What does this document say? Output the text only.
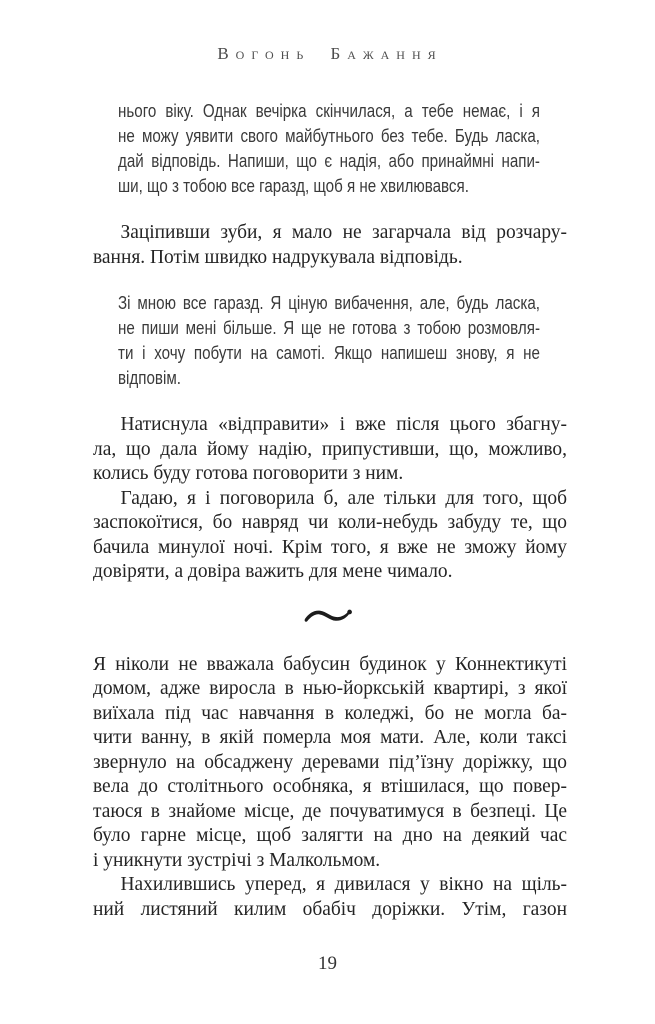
Вогонь Бажання
нього віку. Однак вечірка скінчилася, а тебе немає, і я
не можу уявити свого майбутнього без тебе. Будь ласка,
дай відповідь. Напиши, що є надія, або принаймні напи-
ши, що з тобою все гаразд, щоб я не хвилювався.
Заціпивши зуби, я мало не загарчала від розчару-
вання. Потім швидко надрукувала відповідь.
Зі мною все гаразд. Я ціную вибачення, але, будь ласка,
не пиши мені більше. Я ще не готова з тобою розмовля-
ти і хочу побути на самоті. Якщо напишеш знову, я не
відповім.
Натиснула «відправити» і вже після цього збагну-
ла, що дала йому надію, припустивши, що, можливо,
колись буду готова поговорити з ним.
Гадаю, я і поговорила б, але тільки для того, щоб
заспокоїтися, бо навряд чи коли-небудь забуду те, що
бачила минулої ночі. Крім того, я вже не зможу йому
довіряти, а довіра важить для мене чимало.
Я ніколи не вважала бабусин будинок у Коннектикуті
домом, адже виросла в нью-йоркській квартирі, з якої
виїхала під час навчання в коледжі, бо не могла ба-
чити ванну, в якій померла моя мати. Але, коли таксі
звернуло на обсаджену деревами під’їзну доріжку, що
вела до столітнього особняка, я втішилася, що повер-
таюся в знайоме місце, де почуватимуся в безпеці. Це
було гарне місце, щоб залягти на дно на деякий час
і уникнути зустрічі з Малкольмом.
Нахилившись уперед, я дивилася у вікно на щіль-
ний листяний килим обабіч доріжки. Утім, газон
19
